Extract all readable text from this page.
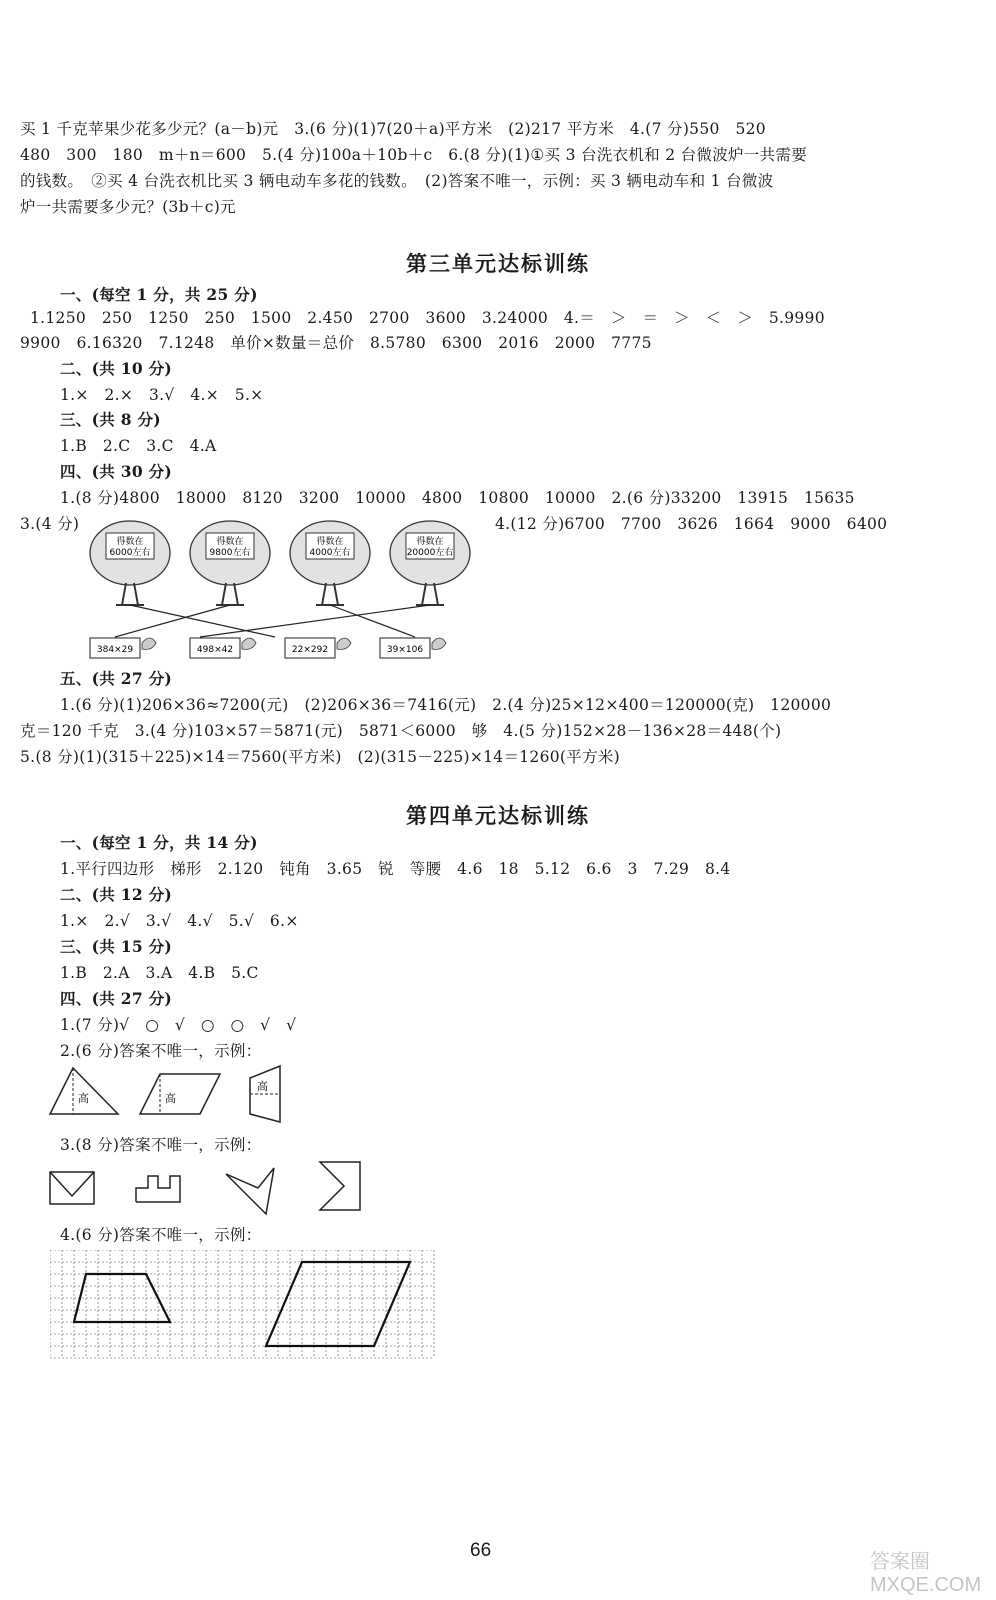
买 1 千克苹果少花多少元？(a－b)元　3.(6 分)(1)7(20＋a)平方米　(2)217 平方米　4.(7 分)550　520
480　300　180　m＋n＝600　5.(4 分)100a＋10b＋c　6.(8 分)(1)①买 3 台洗衣机和 2 台微波炉一共需要
的钱数。　②买 4 台洗衣机比买 3 辆电动车多花的钱数。　(2)答案不唯一，示例：买 3 辆电动车和 1 台微波
炉一共需要多少元？(3b＋c)元
第三单元达标训练
一、(每空 1 分，共 25 分)
1.1250　250　1250　250　1500　2.450　2700　3600　3.24000　4.＝　＞　＝　＞　＜　＞　5.9990
9900　6.16320　7.1248　单价×数量＝总价　8.5780　6300　2016　2000　7775
二、(共 10 分)
1.×　2.×　3.√　4.×　5.×
三、(共 8 分)
1.B　2.C　3.C　4.A
四、(共 30 分)
1.(8 分)4800　18000　8120　3200　10000　4800　10800　10000　2.(6 分)33200　13915　15635
3.(4 分)	4.(12 分)6700　7700　3626　1664　9000　6400
得数在
6000左右
得数在
9800左右
得数在
4000左右
得数在
20000左右
384×29	498×42	22×292	39×106
五、(共 27 分)
1.(6 分)(1)206×36≈7200(元)　(2)206×36＝7416(元)　2.(4 分)25×12×400＝120000(克)　120000
克＝120 千克　3.(4 分)103×57＝5871(元)　5871＜6000　够　4.(5 分)152×28－136×28＝448(个)
5.(8 分)(1)(315＋225)×14＝7560(平方米)　(2)(315－225)×14＝1260(平方米)
第四单元达标训练
一、(每空 1 分，共 14 分)
1.平行四边形　梯形　2.120　钝角　3.65　锐　等腰　4.6　18　5.12　6.6　3　7.29　8.4
二、(共 12 分)
1.×　2.√　3.√　4.√　5.√　6.×
三、(共 15 分)
1.B　2.A　3.A　4.B　5.C
四、(共 27 分)
1.(7 分)√　○　√　○　○　√　√
2.(6 分)答案不唯一，示例：
高	高
高
3.(8 分)答案不唯一，示例：
4.(6 分)答案不唯一，示例：
66
答案圈 MXQE.COM
